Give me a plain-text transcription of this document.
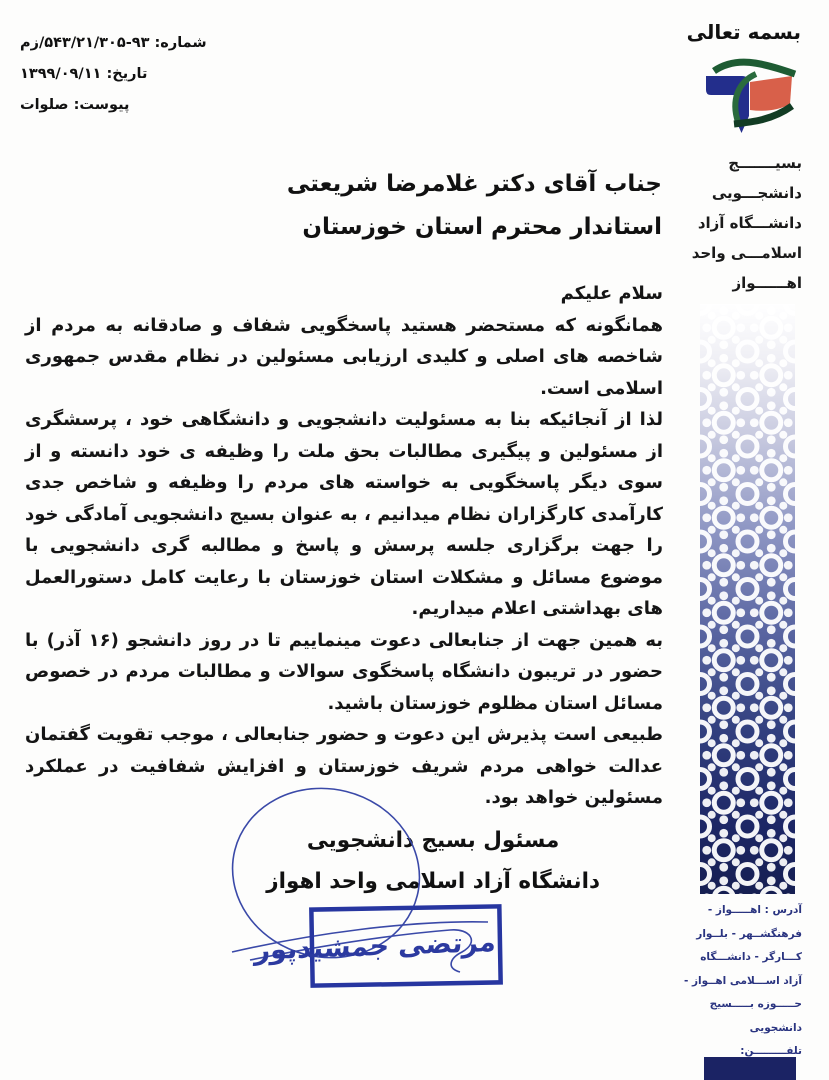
شماره: ۹۳-۵۴۳/۲۱/۳۰۵/زم
تاریخ: ۱۳۹۹/۰۹/۱۱
پیوست: صلوات
بسمه تعالی
بسیـــــــج
دانشجـــویی
دانشـــگاه آزاد
اسلامـــی واحد
اهــــــواز
جناب آقای دکتر غلامرضا شریعتی
استاندار محترم استان خوزستان

سلام علیکم

همانگونه که مستحضر هستید پاسخگویی شفاف و صادقانه به مردم از شاخصه های اصلی و کلیدی ارزیابی مسئولین در نظام مقدس جمهوری اسلامی است.

لذا از آنجائیکه بنا به مسئولیت دانشجویی و دانشگاهی خود ، پرسشگری از مسئولین و پیگیری مطالبات بحق ملت را وظیفه ی خود دانسته و از سوی دیگر پاسخگویی به خواسته های مردم را وظیفه و شاخص جدی کارآمدی کارگزاران نظام میدانیم ، به عنوان بسیج دانشجویی آمادگی خود را جهت برگزاری جلسه پرسش و پاسخ و مطالبه گری دانشجویی با موضوع مسائل و مشکلات استان خوزستان با رعایت کامل دستورالعمل های بهداشتی اعلام میداریم.

به همین جهت از جنابعالی دعوت مینماییم تا در روز دانشجو (۱۶ آذر) با حضور در تریبون دانشگاه پاسخگوی سوالات و مطالبات مردم در خصوص مسائل استان مظلوم خوزستان باشید.

طبیعی است پذیرش این دعوت و حضور جنابعالی ، موجب تقویت گفتمان عدالت خواهی مردم شریف خوزستان و افزایش شفافیت در عملکرد مسئولین خواهد بود.

مسئول بسیج دانشجویی
دانشگاه آزاد اسلامی واحد اهواز
مرتضی جمشیدپور
آدرس : اهـــــواز -
فرهنگشــهر - بلــوار
کـــارگر - دانشـــگاه
آزاد اســـلامی اهــواز -
حـــــوزه بـــــسیج
دانشجویی
تلفـــــــــن:
